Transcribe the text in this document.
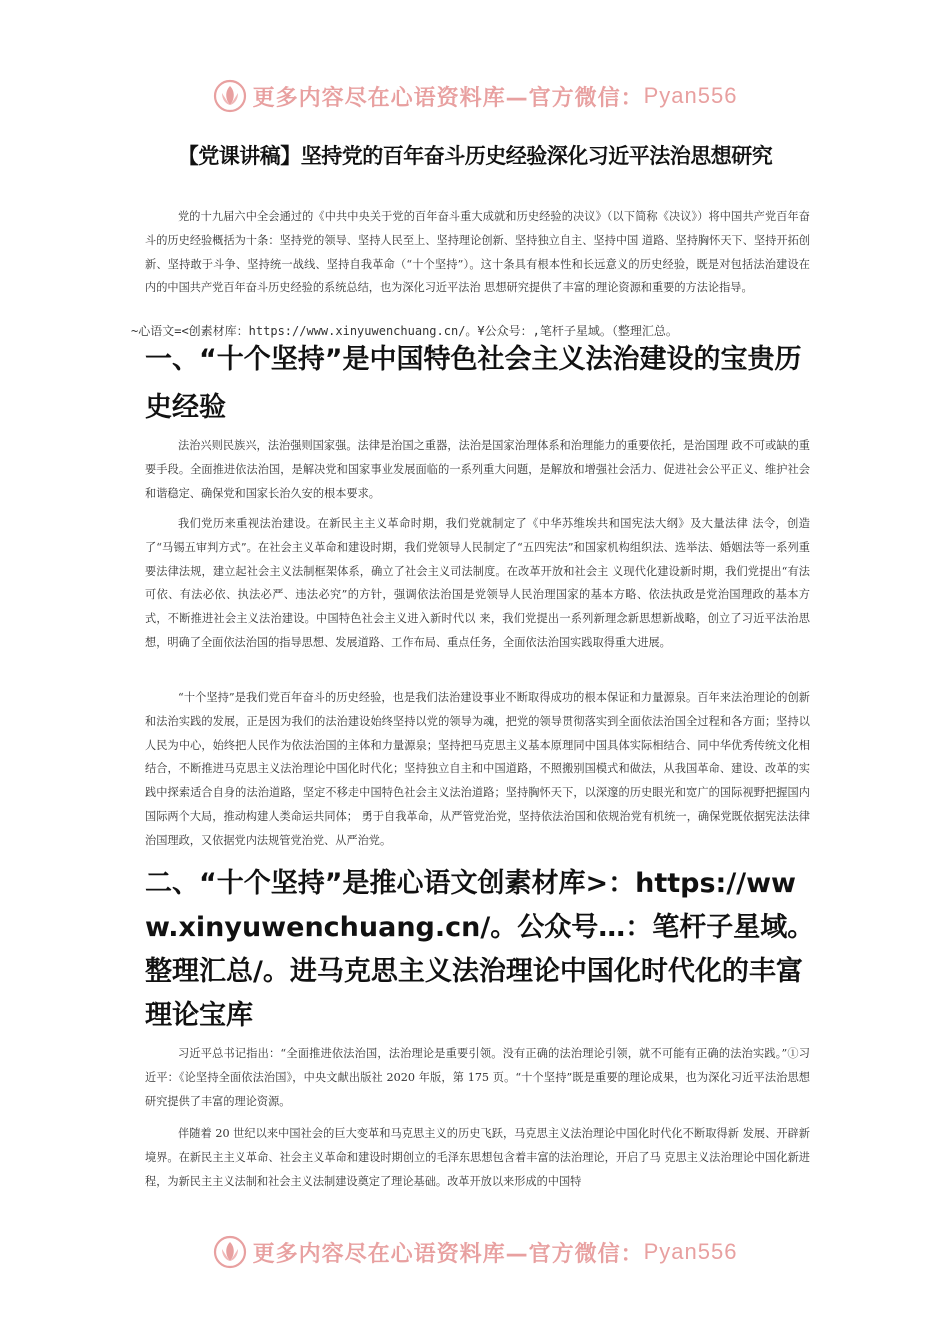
更多内容尽在心语资料库—官方微信： Pyan556
【党课讲稿】坚持党的百年奋斗历史经验深化习近平法治思想研究

党的十九届六中全会通过的《中共中央关于党的百年奋斗重大成就和历史经验的决议》（以下简称《决议》）将中国共产党百年奋斗的历史经验概括为十条：坚持党的领导、坚持人民至上、坚持理论创新、坚持独立自主、坚持中国 道路、坚持胸怀天下、坚持开拓创新、坚持敢于斗争、坚持统一战线、坚持自我革命（“十个坚持”）。这十条具有根本性和长远意义的历史经验，既是对包括法治建设在内的中国共产党百年奋斗历史经验的系统总结，也为深化习近平法治 思想研究提供了丰富的理论资源和重要的方法论指导。

~心语文=<创素材库：https://www.xinyuwenchuang.cn/。¥公众号：,笔杆子星域。（整理汇总。
一、“十个坚持”是中国特色社会主义法治建设的宝贵历史经验

法治兴则民族兴，法治强则国家强。法律是治国之重器，法治是国家治理体系和治理能力的重要依托，是治国理 政不可或缺的重要手段。全面推进依法治国，是解决党和国家事业发展面临的一系列重大问题，是解放和增强社会活力、促进社会公平正义、维护社会和谐稳定、确保党和国家长治久安的根本要求。

我们党历来重视法治建设。在新民主主义革命时期，我们党就制定了《中华苏维埃共和国宪法大纲》及大量法律 法令，创造了“马锡五审判方式”。在社会主义革命和建设时期，我们党领导人民制定了“五四宪法”和国家机构组织法、选举法、婚姻法等一系列重要法律法规，建立起社会主义法制框架体系，确立了社会主义司法制度。在改革开放和社会主 义现代化建设新时期，我们党提出“有法可依、有法必依、执法必严、违法必究”的方针，强调依法治国是党领导人民治理国家的基本方略、依法执政是党治国理政的基本方式，不断推进社会主义法治建设。中国特色社会主义进入新时代以 来，我们党提出一系列新理念新思想新战略，创立了习近平法治思想，明确了全面依法治国的指导思想、发展道路、工作布局、重点任务，全面依法治国实践取得重大进展。

“十个坚持”是我们党百年奋斗的历史经验，也是我们法治建设事业不断取得成功的根本保证和力量源泉。百年来法治理论的创新和法治实践的发展，正是因为我们的法治建设始终坚持以党的领导为魂，把党的领导贯彻落实到全面依法治国全过程和各方面；坚持以人民为中心，始终把人民作为依法治国的主体和力量源泉；坚持把马克思主义基本原理同中国具体实际相结合、同中华优秀传统文化相结合，不断推进马克思主义法治理论中国化时代化；坚持独立自主和中国道路，不照搬别国模式和做法，从我国革命、建设、改革的实践中探索适合自身的法治道路，坚定不移走中国特色社会主义法治道路；坚持胸怀天下，以深邃的历史眼光和宽广的国际视野把握国内国际两个大局，推动构建人类命运共同体； 勇于自我革命，从严管党治党，坚持依法治国和依规治党有机统一，确保党既依据宪法法律治国理政，又依据党内法规管党治党、从严治党。

二、“十个坚持”是推心语文创素材库>：https://www.xinyuwenchuang.cn/。公众号…：笔杆子星域。整理汇总/。进马克思主义法治理论中国化时代化的丰富理论宝库

习近平总书记指出：“全面推进依法治国，法治理论是重要引领。没有正确的法治理论引领，就不可能有正确的法治实践。”①习近平：《论坚持全面依法治国》，中央文献出版社 2020 年版，第 175 页。“十个坚持”既是重要的理论成果，也为深化习近平法治思想研究提供了丰富的理论资源。

伴随着 20 世纪以来中国社会的巨大变革和马克思主义的历史飞跃，马克思主义法治理论中国化时代化不断取得新 发展、开辟新境界。在新民主主义革命、社会主义革命和建设时期创立的毛泽东思想包含着丰富的法治理论，开启了马 克思主义法治理论中国化新进程，为新民主主义法制和社会主义法制建设奠定了理论基础。改革开放以来形成的中国特

更多内容尽在心语资料库—官方微信： Pyan556
